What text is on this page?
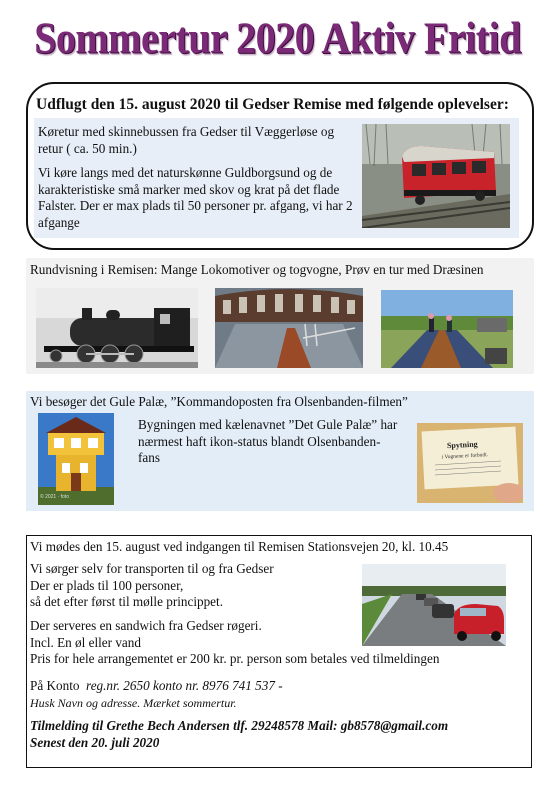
Sommertur 2020 Aktiv Fritid
Udflugt den 15. august 2020 til Gedser Remise med følgende oplevelser:
Køretur med skinnebussen fra Gedser til Væggerløse og retur ( ca. 50 min.)
Vi køre langs med det naturskønne Guldborgsund og de karakteristiske små marker med skov og krat på det flade Falster. Der er max plads til 50 personer pr. afgang, vi har 2 afgange
Rundvisning i Remisen: Mange Lokomotiver og togvogne, Prøv en tur med Dræsinen
Vi besøger det Gule Palæ, ”Kommandoposten fra Olsenbanden-filmen”
© 2021 · foto
Bygningen med kælenavnet ”Det Gule Palæ” har nærmest haft ikon-status blandt Olsenbanden-fans
Spytning
i Vognene er forbudt.
Vi mødes den 15. august ved indgangen til Remisen Stationsvejen 20, kl. 10.45
Vi sørger selv for transporten til og fra Gedser
Der er plads til 100 personer,
så det efter først til mølle princippet.
Der serveres en sandwich fra Gedser røgeri.
Incl. En øl eller vand
Pris for hele arrangementet er 200 kr. pr. person som betales ved tilmeldingen
På Konto reg.nr. 2650 konto nr. 8976 741 537 -
Husk Navn og adresse. Mærket sommertur.
Tilmelding til Grethe Bech Andersen tlf. 29248578 Mail: gb8578@gmail.com
Senest den 20. juli 2020
